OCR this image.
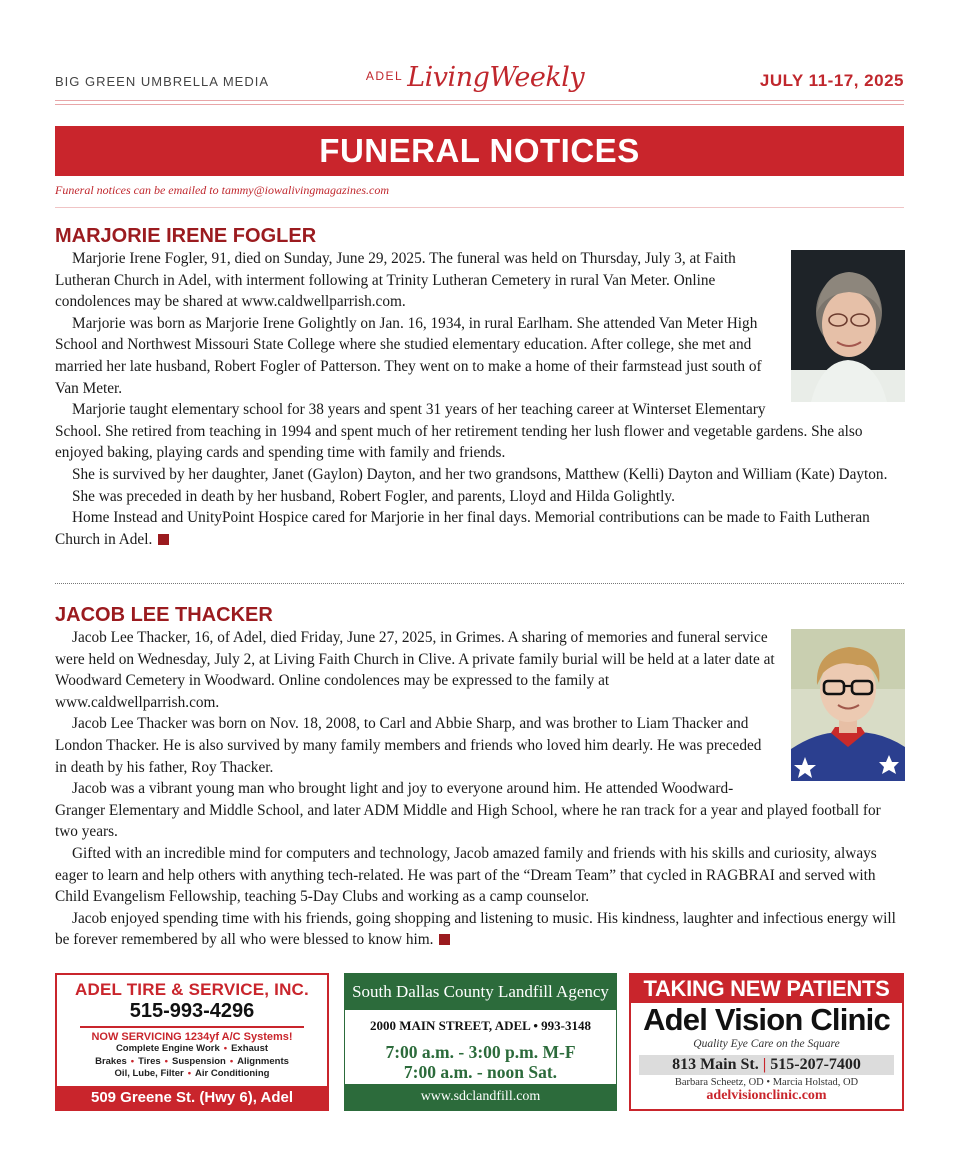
BIG GREEN UMBRELLA MEDIA	$^{ADEL}$ LivingWeekly	JULY 11-17, 2025
FUNERAL NOTICES
Funeral notices can be emailed to tammy@iowalivingmagazines.com
MARJORIE IRENE FOGLER

Marjorie Irene Fogler, 91, died on Sunday, June 29, 2025. The funeral was held on Thursday, July 3, at Faith Lutheran Church in Adel, with interment following at Trinity Lutheran Cemetery in rural Van Meter. Online condolences may be shared at www.caldwellparrish.com.

Marjorie was born as Marjorie Irene Golightly on Jan. 16, 1934, in rural Earlham. She attended Van Meter High School and Northwest Missouri State College where she studied elementary education. After college, she met and married her late husband, Robert Fogler of Patterson. They went on to make a home of their farmstead just south of Van Meter.

Marjorie taught elementary school for 38 years and spent 31 years of her teaching career at Winterset Elementary School. She retired from teaching in 1994 and spent much of her retirement tending her lush flower and vegetable gardens. She also enjoyed baking, playing cards and spending time with family and friends.

She is survived by her daughter, Janet (Gaylon) Dayton, and her two grandsons, Matthew (Kelli) Dayton and William (Kate) Dayton.

She was preceded in death by her husband, Robert Fogler, and parents, Lloyd and Hilda Golightly.

Home Instead and UnityPoint Hospice cared for Marjorie in her final days. Memorial contributions can be made to Faith Lutheran Church in Adel.

JACOB LEE THACKER

Jacob Lee Thacker, 16, of Adel, died Friday, June 27, 2025, in Grimes. A sharing of memories and funeral service were held on Wednesday, July 2, at Living Faith Church in Clive. A private family burial will be held at a later date at Woodward Cemetery in Woodward. Online condolences may be expressed to the family at www.caldwellparrish.com.

Jacob Lee Thacker was born on Nov. 18, 2008, to Carl and Abbie Sharp, and was brother to Liam Thacker and London Thacker. He is also survived by many family members and friends who loved him dearly. He was preceded in death by his father, Roy Thacker.

Jacob was a vibrant young man who brought light and joy to everyone around him. He attended Woodward-Granger Elementary and Middle School, and later ADM Middle and High School, where he ran track for a year and played football for two years.

Gifted with an incredible mind for computers and technology, Jacob amazed family and friends with his skills and curiosity, always eager to learn and help others with anything tech-related. He was part of the “Dream Team” that cycled in RAGBRAI and served with Child Evangelism Fellowship, teaching 5-Day Clubs and working as a camp counselor.

Jacob enjoyed spending time with his friends, going shopping and listening to music. His kindness, laughter and infectious energy will be forever remembered by all who were blessed to know him.

ADEL TIRE & SERVICE, INC.
515-993-4296
NOW SERVICING 1234yf A/C Systems!
Complete Engine Work • Exhaust
Brakes • Tires • Suspension • Alignments
Oil, Lube, Filter • Air Conditioning
509 Greene St. (Hwy 6), Adel
South Dallas County Landfill Agency
2000 MAIN STREET, ADEL • 993-3148
7:00 a.m. - 3:00 p.m. M-F
7:00 a.m. - noon Sat.
www.sdclandfill.com
TAKING NEW PATIENTS
Adel Vision Clinic
Quality Eye Care on the Square
813 Main St. | 515-207-7400
Barbara Scheetz, OD • Marcia Holstad, OD
adelvisionclinic.com
